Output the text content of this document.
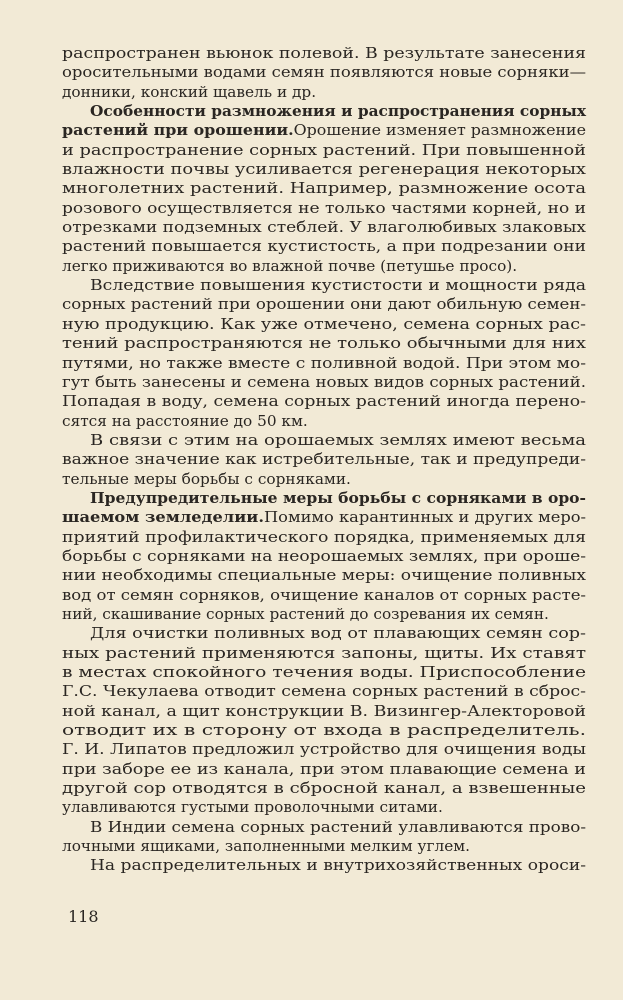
распространен вьюнок полевой. В результате занесения
оросительными водами семян появляются новые сорняки—
донники, конский щавель и др.
Особенности размножения и распространения сорных
растений при орошении.Орошение изменяет размножение
и распространение сорных растений. При повышенной
влажности почвы усиливается регенерация некоторых
многолетних растений. Например, размножение осота
розового осуществляется не только частями корней, но и
отрезками подземных стеблей. У влаголюбивых злаковых
растений повышается кустистость, а при подрезании они
легко приживаются во влажной почве (петушье просо).
Вследствие повышения кустистости и мощности ряда
сорных растений при орошении они дают обильную семен-
ную продукцию. Как уже отмечено, семена сорных рас-
тений распространяются не только обычными для них
путями, но также вместе с поливной водой. При этом мо-
гут быть занесены и семена новых видов сорных растений.
Попадая в воду, семена сорных растений иногда перено-
сятся на расстояние до 50 км.
В связи с этим на орошаемых землях имеют весьма
важное значение как истребительные, так и предупреди-
тельные меры борьбы с сорняками.
Предупредительные меры борьбы с сорняками в оро-
шаемом земледелии.Помимо карантинных и других меро-
приятий профилактического порядка, применяемых для
борьбы с сорняками на неорошаемых землях, при ороше-
нии необходимы специальные меры: очищение поливных
вод от семян сорняков, очищение каналов от сорных расте-
ний, скашивание сорных растений до созревания их семян.
Для очистки поливных вод от плавающих семян сор-
ных растений применяются запоны, щиты. Их ставят
в местах спокойного течения воды. Приспособление
Г.С. Чекулаева отводит семена сорных растений в сброс-
ной канал, а щит конструкции В. Визингер-Алекторовой
отводит их в сторону от входа в распределитель.
Г. И. Липатов предложил устройство для очищения воды
при заборе ее из канала, при этом плавающие семена и
другой сор отводятся в сбросной канал, а взвешенные
улавливаются густыми проволочными ситами.
В Индии семена сорных растений улавливаются прово-
лочными ящиками, заполненными мелким углем.
На распределительных и внутрихозяйственных ороси-
118
